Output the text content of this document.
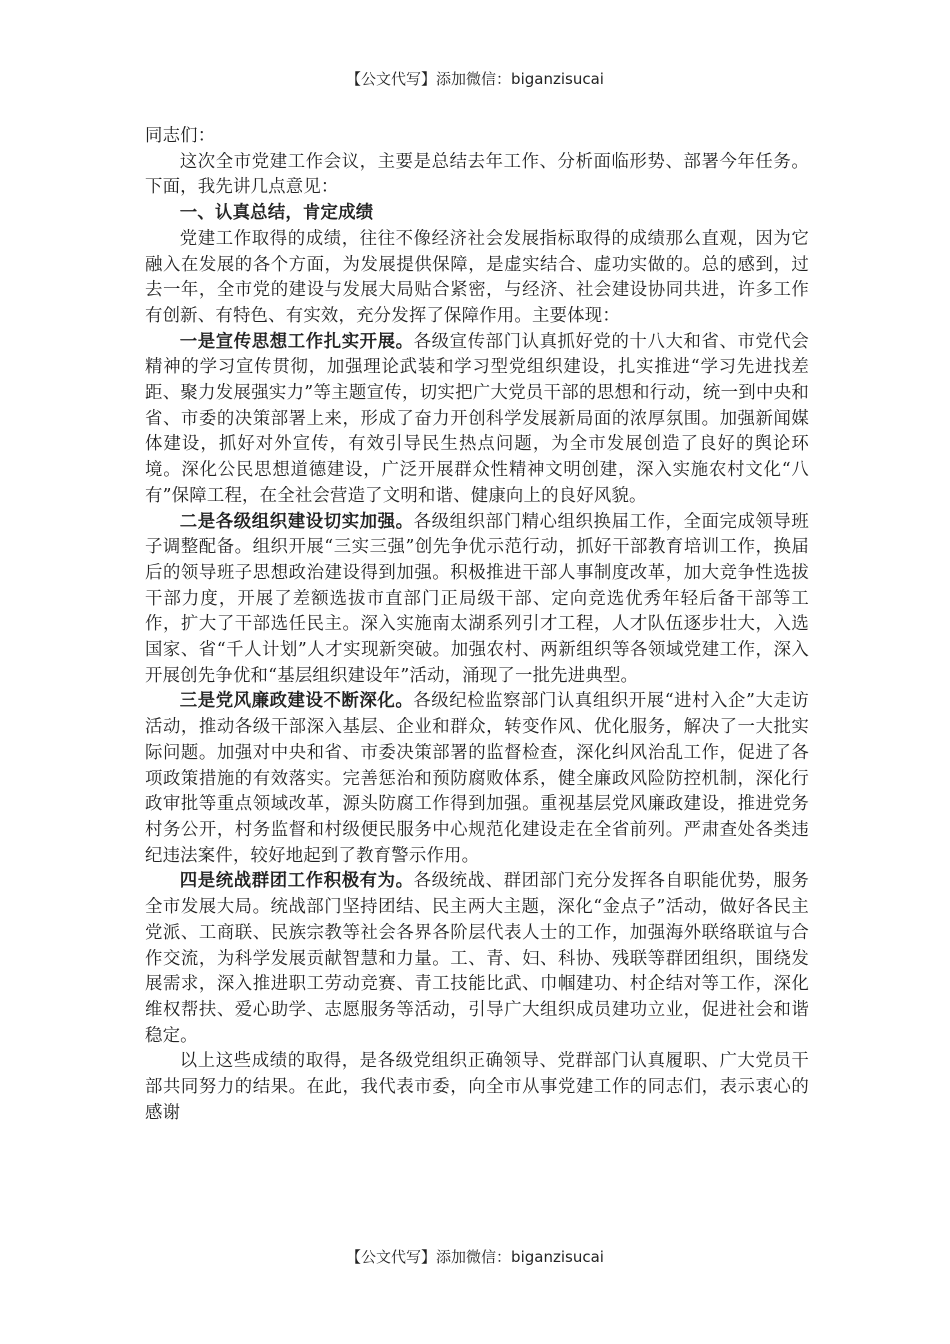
【公文代写】添加微信：biganzisucai

同志们：

这次全市党建工作会议，主要是总结去年工作、分析面临形势、部署今年任务。下面，我先讲几点意见：

一、认真总结，肯定成绩

党建工作取得的成绩，往往不像经济社会发展指标取得的成绩那么直观，因为它融入在发展的各个方面，为发展提供保障，是虚实结合、虚功实做的。总的感到，过去一年，全市党的建设与发展大局贴合紧密，与经济、社会建设协同共进，许多工作有创新、有特色、有实效，充分发挥了保障作用。主要体现：

一是宣传思想工作扎实开展。各级宣传部门认真抓好党的十八大和省、市党代会精神的学习宣传贯彻，加强理论武装和学习型党组织建设，扎实推进“学习先进找差距、聚力发展强实力”等主题宣传，切实把广大党员干部的思想和行动，统一到中央和省、市委的决策部署上来，形成了奋力开创科学发展新局面的浓厚氛围。加强新闻媒体建设，抓好对外宣传，有效引导民生热点问题，为全市发展创造了良好的舆论环境。深化公民思想道德建设，广泛开展群众性精神文明创建，深入实施农村文化“八有”保障工程，在全社会营造了文明和谐、健康向上的良好风貌。

二是各级组织建设切实加强。各级组织部门精心组织换届工作，全面完成领导班子调整配备。组织开展“三实三强”创先争优示范行动，抓好干部教育培训工作，换届后的领导班子思想政治建设得到加强。积极推进干部人事制度改革，加大竞争性选拔干部力度，开展了差额选拔市直部门正局级干部、定向竞选优秀年轻后备干部等工作，扩大了干部选任民主。深入实施南太湖系列引才工程，人才队伍逐步壮大，入选国家、省“千人计划”人才实现新突破。加强农村、两新组织等各领域党建工作，深入开展创先争优和“基层组织建设年”活动，涌现了一批先进典型。

三是党风廉政建设不断深化。各级纪检监察部门认真组织开展“进村入企”大走访活动，推动各级干部深入基层、企业和群众，转变作风、优化服务，解决了一大批实际问题。加强对中央和省、市委决策部署的监督检查，深化纠风治乱工作，促进了各项政策措施的有效落实。完善惩治和预防腐败体系，健全廉政风险防控机制，深化行政审批等重点领域改革，源头防腐工作得到加强。重视基层党风廉政建设，推进党务村务公开，村务监督和村级便民服务中心规范化建设走在全省前列。严肃查处各类违纪违法案件，较好地起到了教育警示作用。

四是统战群团工作积极有为。各级统战、群团部门充分发挥各自职能优势，服务全市发展大局。统战部门坚持团结、民主两大主题，深化“金点子”活动，做好各民主党派、工商联、民族宗教等社会各界各阶层代表人士的工作，加强海外联络联谊与合作交流，为科学发展贡献智慧和力量。工、青、妇、科协、残联等群团组织，围绕发展需求，深入推进职工劳动竞赛、青工技能比武、巾帼建功、村企结对等工作，深化维权帮扶、爱心助学、志愿服务等活动，引导广大组织成员建功立业，促进社会和谐稳定。

以上这些成绩的取得，是各级党组织正确领导、党群部门认真履职、广大党员干部共同努力的结果。在此，我代表市委，向全市从事党建工作的同志们，表示衷心的感谢

【公文代写】添加微信：biganzisucai
